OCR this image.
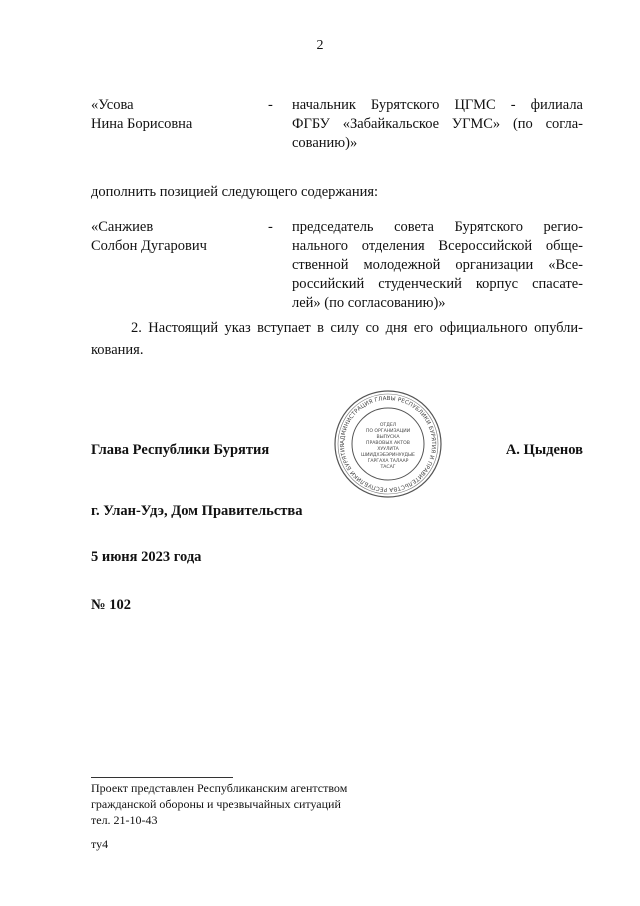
2
«Усова
Нина Борисовна
- начальник Бурятского ЦГМС - филиала
ФГБУ «Забайкальское УГМС» (по согла-
сованию)»
дополнить позицией следующего содержания:
«Санжиев
Солбон Дугарович
- председатель совета Бурятского регио-
нального отделения Всероссийской обще-
ственной молодежной организации «Все-
российский студенческий корпус спасате-
лей» (по согласованию)»
2. Настоящий указ вступает в силу со дня его официального опубли-
кования.
АДМИНИСТРАЦИЯ ГЛАВЫ РЕСПУБЛИКИ БУРЯТИЯ И ПРАВИТЕЛЬСТВА РЕСПУБЛИКИ БУРЯТИЯ
ОТДЕЛ
ПО ОРГАНИЗАЦИИ
ВЫПУСКА
ПРАВОВЫХ АКТОВ
ХУУЛИТА
ШИИДХЭБЭРИНУУДЫЕ
ГАРГАХА ТАЛААР
ТАСАГ
Глава Республики Бурятия	А. Цыденов
г. Улан-Удэ, Дом Правительства
5 июня 2023 года
№ 102
Проект представлен Республиканским агентством
гражданской обороны и чрезвычайных ситуаций
тел. 21-10-43
ту4
